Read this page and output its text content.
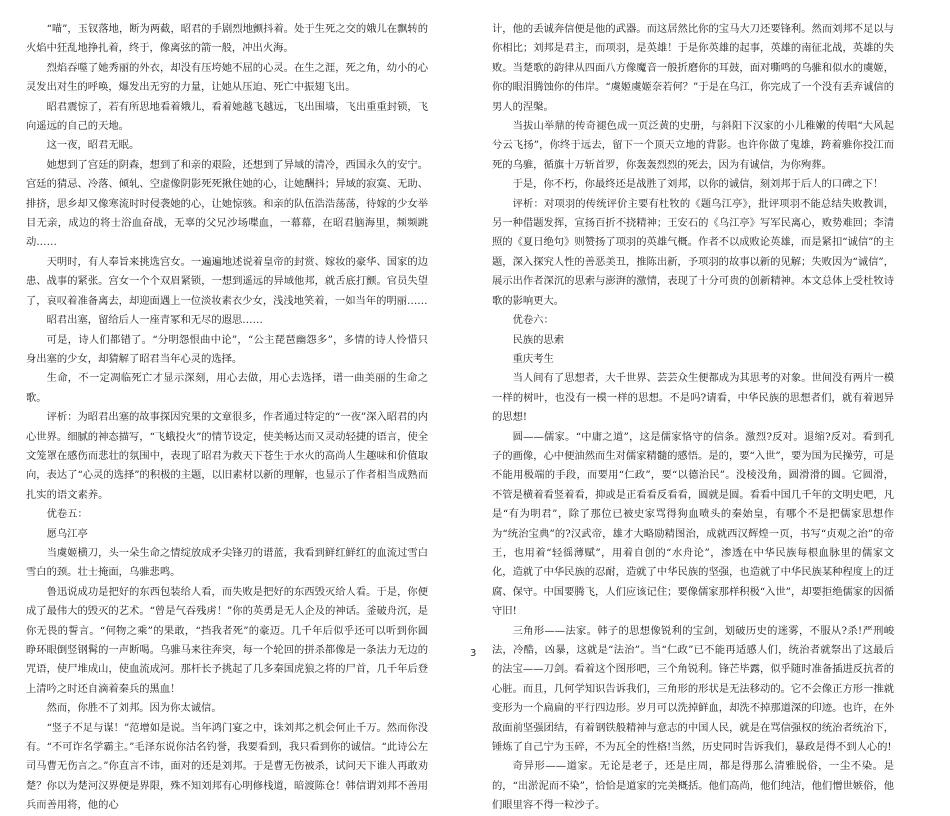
“喵”，玉钗落地，断为两截，昭君的手剧烈地颤抖着。处于生死之交的娥儿在飘转的火焰中狂乱地挣扎着，终于，像离弦的箭一般，冲出火海。

烈焰吞噬了她秀丽的外衣，却没有压垮她不屈的心灵。在生之涯，死之角，幼小的心灵发出对生的呼唤，爆发出无穷的力量，让她从压迫、死亡中振翅飞出。

昭君震惊了，若有所思地看着娥儿，看着她越飞越远，飞出围墙，飞出重重封锁，飞向遥远的自己的天地。

这一夜，昭君无眠。

她想到了宫廷的阴森，想到了和亲的艰险，还想到了异域的清冷，西国永久的安宁。宫廷的猜忌、冷落、倾轧、空虚像阴影死死揪住她的心，让她酬抖；异域的寂寞、无助、排挤，思乡却又像寒流时时侵袭她的心，让她惊骇。和亲的队伍浩浩荡荡，待嫁的少女举目无亲，成边的将士浴血奋战，无辜的父兄沙场喋血，一幕幕，在昭君脑海里，频频跳动……

天明时，有人奉旨来挑选宫女。一遍遍地述说着皇帝的封赏、嫁妆的豪华、国家的边患、战事的紧张。宫女一个个双眉紧锁，一想到遥远的异域他邦，就舌底打颤。官员失望了，哀叹着准备离去，却迎面遇上一位淡妆素衣少女，浅浅地笑着，一如当年的明丽……

昭君出塞，留给后人一座青冢和无尽的遐思……

可是，诗人们都错了。“分明怨恨曲中论”，“公主琵琶幽怨多”，多情的诗人怜惜只身出塞的少女，却猜解了昭君当年心灵的选择。

生命，不一定凋临死亡才显示深刻，用心去做，用心去选择，谱一曲美丽的生命之歌。

评析：为昭君出塞的故事探因究果的文章很多，作者通过特定的“一夜”深入昭君的内心世界。细腻的神态描写，“飞蛾投火”的情节设定，使美畅达而又灵动轻捷的语言，使全文笼罩在感伤而悲壮的氛围中，表现了昭君为救天下苍生于水火的高尚人生趣味和价值取向，表达了“心灵的选择”的积极的主题，以旧素材以新的理解，也显示了作者相当成熟而扎实的语文素养。

优卷五：

愿乌江亭

当虞姬横刀，头一朵生命之情绽放成矛尖锋刃的谱蓝，我看到鲜红鲜红的血流过雪白雪白的颈。壮士掩面，乌骓悲鸣。

鲁迅说成功是把好的东西包装给人看，而失败是把好的东西毁灭给人看。于是，你便成了最伟大的毁灭的艺术。“曾是气吞残虏！”你的英勇是无人企及的神话。釜破舟沉，是你无畏的誓言。“何物之乘”的果敢，“挡我者死”的豪迈。几千年后似乎还可以听到你圆睁环眼倒竖钢髯的一声断喝。乌骓马来往奔突，每一个轮回的拼杀都像是一条法力无边的咒语，使尸堆成山，使血流成河。那杆长予挑起了几多秦国虎狼之将的尸首，几千年后登上清吟之时还自滴着秦兵的黑血！

然而，你胜不了刘邦。因为你太诚信。

“竖子不足与谋！”范增如是说。当年鸿门宴之中，诛刘邦之机会何止千万。然而你没有。“不可诈名学霸主。”毛泽东说你沽名钓誉，我要看到，我只看到你的诚信。“此诗公左司马曹无伤言之。”你直言不讳，面对的还是刘邦。于是曹无伤被杀，试问天下谁人再敢劝楚？你以为楚河汉界便是界限，殊不知刘邦有心明修栈道，暗渡陈仓！韩信谓刘邦不善用兵而善用将，他的心

计，他的丢诚奔信便是他的武器。而这居然比你的宝马大刀还要锋利。然而刘邦不足以与你相比；刘邦是君主，而项羽，是英雄！于是你英雄的起事，英雄的南征北战，英雄的失败。当楚歌的韵律从四面八方像魔音一般折磨你的耳鼓，面对嘶鸣的乌骓和似水的虞姬，你的眼泪腾蚀你的伟岸。“虞姬虞姬奈若何？”于是在乌江，你完成了一个没有丢弃诚信的男人的涅槃。

当拔山举鼎的传奇褪色成一页泛黄的史册，与斜阳下汉家的小儿稚嫩的传唱“大风起兮云飞扬”，你终于远去，留下一个顶天立地的背影。也许你做了鬼雄，跨着骓你投江而死的乌骓，循旗十万斩首罗，你轰轰烈烈的死去，因为有诚信，为你殉葬。

于是，你不朽，你最终还是战胜了刘邦，以你的诚信，刻刘邦于后人的口碑之下！

评析：对项羽的传统评价主要有杜牧的《题乌江亭》，批评项羽不能总结失败教训，另一种借题发挥，宣扬百折不挠精神；王安石的《乌江亭》写军民离心，败势难回；李清照的《夏日绝句》则赞扬了项羽的英雄气概。作者不以成败论英雄，而是紧扣“诚信”的主题，深入探究人性的善恶美丑，推陈出新，予项羽的故事以新的见解；失败因为“诚信”，展示出作者深沉的思索与澎湃的激情，表现了十分可贵的创新精神。本文总体上受杜牧诗歌的影响更大。

优卷六：

民族的思索

重庆考生

当人间有了思想者，大千世界、芸芸众生便都成为其思考的对象。世间没有两片一模一样的树叶，也没有一模一样的思想。不是吗?请看，中华民族的思想者们，就有着迥异的思想!

圆——儒家。“中庸之道”，这是儒家恪守的信条。激烈?反对。退缩?反对。看到孔子的画像，心中便油然而生对儒家精髓的感悟。是的，要“入世”，要为国为民操劳，可是不能用极端的手段，而要用“仁政”，要“以德治民”。没棱没角，圆滑滑的圆。它圆滑，不管是横着看竖着看，抑或是正看看反看看，圆就是圆。看看中国几千年的文明史吧，凡是“有为明君”，除了那位已被史家骂得狗血喷头的秦始皇，有哪个不是把儒家思想作为“统治宝典”的?汉武帝，雄才大略励精图治，成就西汉辉煌一页，书写“贞观之治”的帝王，也用着“轻徭薄赋”，用着自创的“水舟论”，渗透在中华民族每根血脉里的儒家文化，造就了中华民族的忍耐，造就了中华民族的坚强，也造就了中华民族某种程度上的迂腐、保守。中国要腾飞，人们应该记住；要像儒家那样积极“入世”，却要拒绝儒家的因循守旧!

三角形——法家。韩子的思想像锐利的宝剑，划破历史的迷雾，不服从?杀!严刑峻法，冷酷，凶暴，这就是“法治”。当“仁政”已不能再适感人们，统治者就祭出了这最后的法宝——刀剑。看着这个图形吧，三个角锐利。锋芒毕露，似乎随时准备插进反抗者的心脏。而且，几何学知识告诉我们，三角形的形状是无法移动的。它不会像正方形一推就变形为一个扁扁的平行四边形。岁月可以洗掉鲜血，却洗不掉那道深的印迹。也许，在外敌面前坚强团结，有着钢铁般精神与意志的中国人民，就是在骂信强权的统治者统治下，锤炼了自己宁为玉碎，不为瓦全的性格!当然，历史同时告诉我们，暴政是得不到人心的!

奇异形——道家。无论是老子，还是庄周，都是得那么清雅脱俗，一尘不染。是的，“出淤泥而不染”，恰恰是道家的完美概括。他们高尚，他们纯洁，他们憎世嫉俗，他们眼里容不得一粒沙子。

3
